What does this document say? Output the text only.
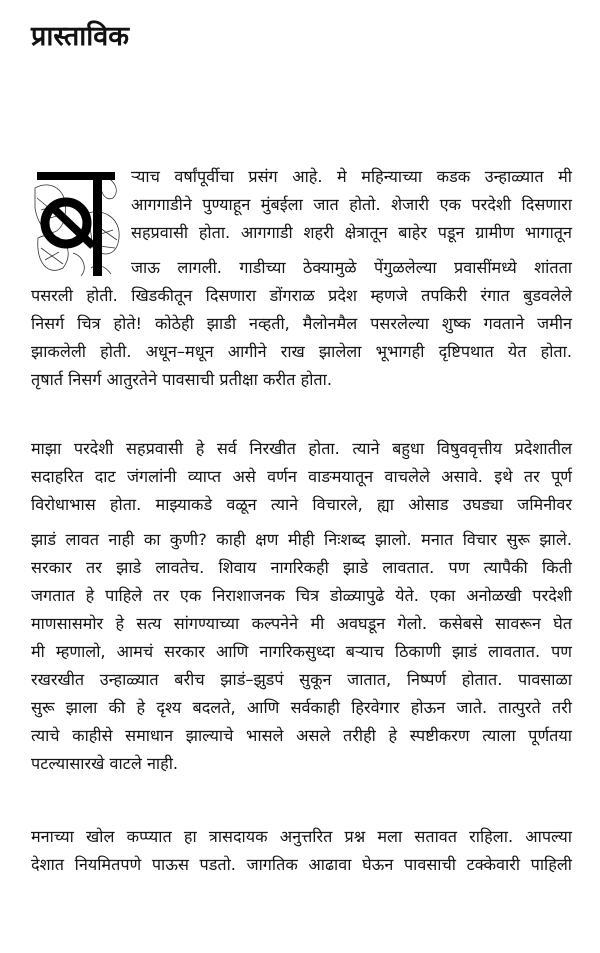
प्रास्ताविक
ऱ्याच वर्षांपूर्वीचा प्रसंग आहे. मे महिन्याच्या कडक उन्हाळ्यात मी
आगगाडीने पुण्याहून मुंबईला जात होतो. शेजारी एक परदेशी दिसणारा
सहप्रवासी होता. आगगाडी शहरी क्षेत्रातून बाहेर पडून ग्रामीण भागातून
जाऊ लागली. गाडीच्या ठेक्यामुळे पेंगुळलेल्या प्रवासींमध्ये शांतता
पसरली होती. खिडकीतून दिसणारा डोंगराळ प्रदेश म्हणजे तपकिरी रंगात बुडवलेले
निसर्ग चित्र होते! कोठेही झाडी नव्हती, मैलोनमैल पसरलेल्या शुष्क गवताने जमीन
झाकलेली होती. अधून–मधून आगीने राख झालेला भूभागही दृष्टिपथात येत होता.
तृषार्त निसर्ग आतुरतेने पावसाची प्रतीक्षा करीत होता.
माझा परदेशी सहप्रवासी हे सर्व निरखीत होता. त्याने बहुधा विषुववृत्तीय प्रदेशातील
सदाहरित दाट जंगलांनी व्याप्त असे वर्णन वाङमयातून वाचलेले असावे. इथे तर पूर्ण
विरोधाभास होता. माझ्याकडे वळून त्याने विचारले, ह्या ओसाड उघड्या जमिनीवर
झाडं लावत नाही का कुणी? काही क्षण मीही निःशब्द झालो. मनात विचार सुरू झाले.
सरकार तर झाडे लावतेच. शिवाय नागरिकही झाडे लावतात. पण त्यापैकी किती
जगतात हे पाहिले तर एक निराशाजनक चित्र डोळ्यापुढे येते. एका अनोळखी परदेशी
माणसासमोर हे सत्य सांगण्याच्या कल्पनेने मी अवघडून गेलो. कसेबसे सावरून घेत
मी म्हणालो, आमचं सरकार आणि नागरिकसुध्दा बऱ्याच ठिकाणी झाडं लावतात. पण
रखरखीत उन्हाळ्यात बरीच झाडं–झुडपं सुकून जातात, निष्पर्ण होतात. पावसाळा
सुरू झाला की हे दृश्य बदलते, आणि सर्वकाही हिरवेगार होऊन जाते. तात्पुरते तरी
त्याचे काहीसे समाधान झाल्याचे भासले असले तरीही हे स्पष्टीकरण त्याला पूर्णतया
पटल्यासारखे वाटले नाही.
मनाच्या खोल कप्प्यात हा त्रासदायक अनुत्तरित प्रश्न मला सतावत राहिला. आपल्या
देशात नियमितपणे पाऊस पडतो. जागतिक आढावा घेऊन पावसाची टक्केवारी पाहिली
